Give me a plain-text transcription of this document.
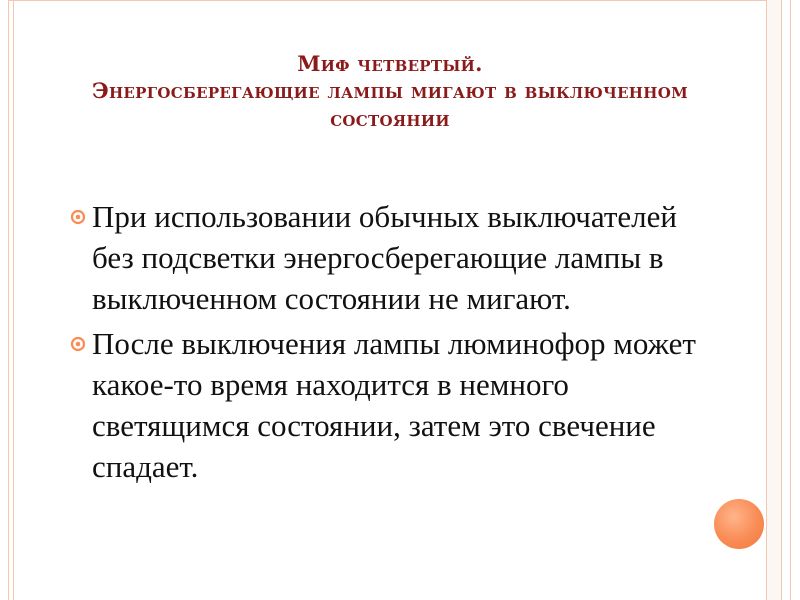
Миф четвертый.
Энергосберегающие лампы мигают в выключенном состоянии
При использовании обычных выключателей без подсветки энергосберегающие лампы в выключенном состоянии не мигают.
После выключения лампы люминофор может какое-то время находится в немного светящимся состоянии, затем это свечение спадает.
